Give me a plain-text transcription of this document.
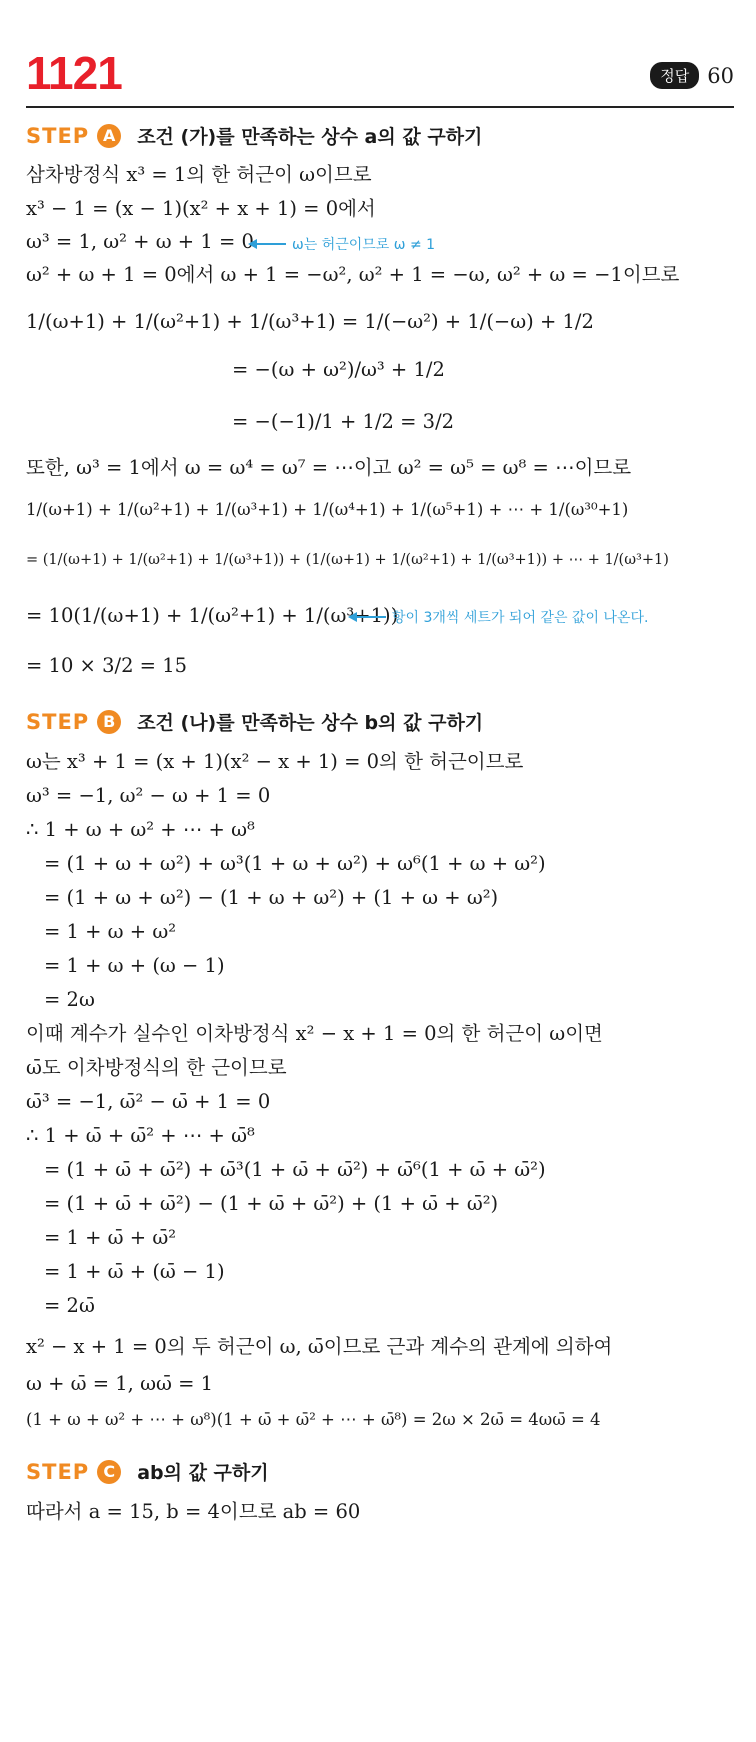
1121	정답 60
STEP A	조건 (가)를 만족하는 상수 a의 값 구하기
삼차방정식 x³ = 1의 한 허근이 ω이므로
x³ − 1 = (x − 1)(x² + x + 1) = 0에서
ω³ = 1, ω² + ω + 1 = 0	ω는 허근이므로 ω ≠ 1
ω² + ω + 1 = 0에서 ω + 1 = −ω², ω² + 1 = −ω, ω² + ω = −1이므로
1/(ω+1) + 1/(ω²+1) + 1/(ω³+1) = 1/(−ω²) + 1/(−ω) + 1/2
= −(ω + ω²)/ω³ + 1/2
= −(−1)/1 + 1/2 = 3/2
또한, ω³ = 1에서 ω = ω⁴ = ω⁷ = ⋯이고 ω² = ω⁵ = ω⁸ = ⋯이므로
1/(ω+1) + 1/(ω²+1) + 1/(ω³+1) + 1/(ω⁴+1) + 1/(ω⁵+1) + ⋯ + 1/(ω³⁰+1)
= (1/(ω+1) + 1/(ω²+1) + 1/(ω³+1)) + (1/(ω+1) + 1/(ω²+1) + 1/(ω³+1)) + ⋯ + 1/(ω³+1)
= 10(1/(ω+1) + 1/(ω²+1) + 1/(ω³+1))
항이 3개씩 세트가 되어 같은 값이 나온다.
= 10 × 3/2 = 15
STEP B	조건 (나)를 만족하는 상수 b의 값 구하기
ω는 x³ + 1 = (x + 1)(x² − x + 1) = 0의 한 허근이므로
ω³ = −1, ω² − ω + 1 = 0
∴ 1 + ω + ω² + ⋯ + ω⁸
= (1 + ω + ω²) + ω³(1 + ω + ω²) + ω⁶(1 + ω + ω²)
= (1 + ω + ω²) − (1 + ω + ω²) + (1 + ω + ω²)
= 1 + ω + ω²
= 1 + ω + (ω − 1)
= 2ω
이때 계수가 실수인 이차방정식 x² − x + 1 = 0의 한 허근이 ω이면
ω̄도 이차방정식의 한 근이므로
ω̄³ = −1, ω̄² − ω̄ + 1 = 0
∴ 1 + ω̄ + ω̄² + ⋯ + ω̄⁸
= (1 + ω̄ + ω̄²) + ω̄³(1 + ω̄ + ω̄²) + ω̄⁶(1 + ω̄ + ω̄²)
= (1 + ω̄ + ω̄²) − (1 + ω̄ + ω̄²) + (1 + ω̄ + ω̄²)
= 1 + ω̄ + ω̄²
= 1 + ω̄ + (ω̄ − 1)
= 2ω̄
x² − x + 1 = 0의 두 허근이 ω, ω̄이므로 근과 계수의 관계에 의하여
ω + ω̄ = 1, ωω̄ = 1
(1 + ω + ω² + ⋯ + ω⁸)(1 + ω̄ + ω̄² + ⋯ + ω̄⁸) = 2ω × 2ω̄ = 4ωω̄ = 4
STEP C	ab의 값 구하기
따라서 a = 15, b = 4이므로 ab = 60
